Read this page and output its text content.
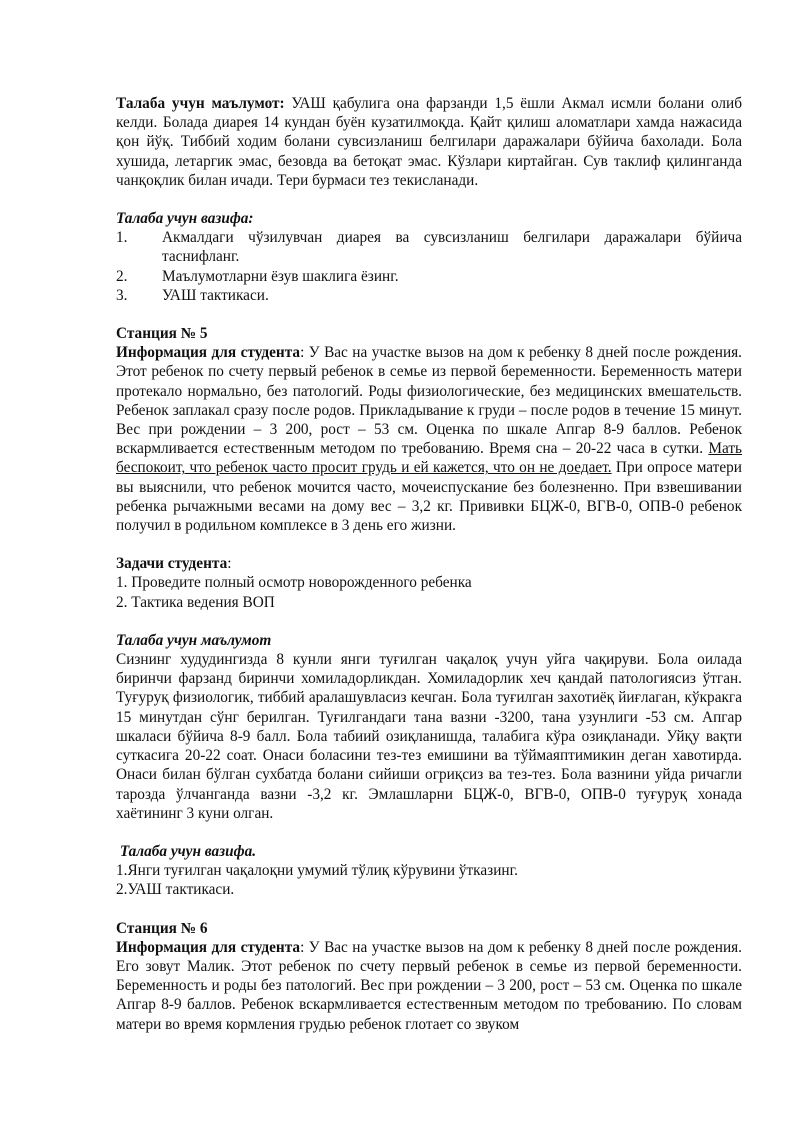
Талаба учун маълумот: УАШ қабулига она фарзанди 1,5 ёшли Акмал исмли болани олиб келди. Болада диарея 14 кундан буён кузатилмоқда. Қайт қилиш аломатлари хамда нажасида қон йўқ. Тиббий ходим болани сувсизланиш белгилари даражалари бўйича бахолади. Бола хушида, летаргик эмас, безовда ва бетоқат эмас. Кўзлари киртайган. Сув таклиф қилинганда чанқоқлик билан ичади. Тери бурмаси тез текисланади.

Талаба учун вазифа:

1.	Акмалдаги чўзилувчан диарея ва сувсизланиш белгилари даражалари бўйича таснифланг.
2.	Маълумотларни ёзув шаклига ёзинг.
3.	УАШ тактикаси.

Станция № 5

Информация для студента: У Вас на участке вызов на дом к ребенку 8 дней после рождения. Этот ребенок по счету первый ребенок в семье из первой беременности. Беременность матери протекало нормально, без патологий. Роды физиологические, без медицинских вмешательств. Ребенок заплакал сразу после родов. Прикладывание к груди – после родов в течение 15 минут. Вес при рождении – 3 200, рост – 53 см. Оценка по шкале Апгар 8-9 баллов. Ребенок вскармливается естественным методом по требованию. Время сна – 20-22 часа в сутки. Мать беспокоит, что ребенок часто просит грудь и ей кажется, что он не доедает. При опросе матери вы выяснили, что ребенок мочится часто, мочеиспускание без болезненно. При взвешивании ребенка рычажными весами на дому вес – 3,2 кг. Прививки БЦЖ-0, ВГВ-0, ОПВ-0 ребенок получил в родильном комплексе в 3 день его жизни.

Задачи студента:

1. Проведите полный осмотр новорожденного ребенка

2. Тактика ведения ВОП

Талаба учун маълумот

Сизнинг худудингизда 8 кунли янги туғилган чақалоқ учун уйга чақируви. Бола оилада биринчи фарзанд биринчи хомиладорликдан. Хомиладорлик хеч қандай патологиясиз ўтган. Туғуруқ физиологик, тиббий аралашувласиз кечган. Бола туғилган захотиёқ йиғлаган, кўкракга 15 минутдан сўнг берилган. Туғилгандаги тана вазни -3200, тана узунлиги -53 см. Апгар шкаласи бўйича 8-9 балл. Бола табиий озиқланишда, талабига кўра озиқланади. Уйқу вақти суткасига 20-22 соат. Онаси боласини тез-тез емишини ва тўймаяптимикин деган хавотирда. Онаси билан бўлган сухбатда болани сийиши огриқсиз ва тез-тез. Бола вазнини уйда ричагли тарозда ўлчанганда вазни -3,2 кг. Эмлашларни БЦЖ-0, ВГВ-0, ОПВ-0 туғуруқ хонада хаётининг 3 куни олган.

Талаба учун вазифа.

1.Янги туғилган чақалоқни умумий тўлиқ кўрувини ўтказинг.

2.УАШ тактикаси.

Станция № 6

Информация для студента: У Вас на участке вызов на дом к ребенку 8 дней после рождения. Его зовут Малик. Этот ребенок по счету первый ребенок в семье из первой беременности. Беременность и роды без патологий. Вес при рождении – 3 200, рост – 53 см. Оценка по шкале Апгар 8-9 баллов. Ребенок вскармливается естественным методом по требованию. По словам матери во время кормления грудью ребенок глотает со звуком
